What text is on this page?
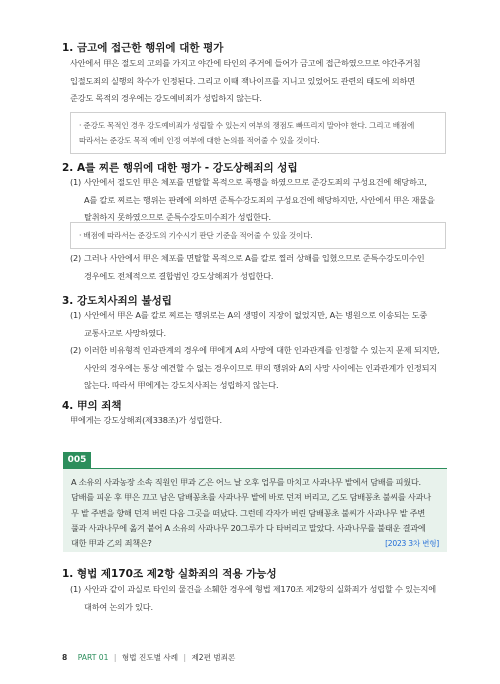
1. 금고에 접근한 행위에 대한 평가
사안에서 甲은 절도의 고의를 가지고 야간에 타인의 주거에 들어가 금고에 접근하였으므로 야간주거침
입절도죄의 실행의 착수가 인정된다. 그리고 이때 잭나이프를 지니고 있었어도 관련의 태도에 의하면
준강도 목적의 경우에는 강도예비죄가 성립하지 않는다.
· 준강도 목적인 경우 강도예비죄가 성립할 수 있는지 여부의 쟁점도 빠뜨리지 말아야 한다. 그리고 배점에
따라서는 준강도 목적 예비 인정 여부에 대한 논의를 적어줄 수 있을 것이다.
2. A를 찌른 행위에 대한 평가 - 강도상해죄의 성립
(1) 사안에서 절도인 甲은 체포를 면탈할 목적으로 폭행을 하였으므로 준강도죄의 구성요건에 해당하고,
A를 칼로 찌르는 행위는 판례에 의하면 준특수강도죄의 구성요건에 해당하지만, 사안에서 甲은 재물을
탈취하지 못하였으므로 준특수강도미수죄가 성립한다.
· 배점에 따라서는 준강도의 기수시기 판단 기준을 적어줄 수 있을 것이다.
(2) 그러나 사안에서 甲은 체포를 면탈할 목적으로 A를 칼로 찔러 상해를 입혔으므로 준특수강도미수인
경우에도 전체적으로 결합범인 강도상해죄가 성립한다.
3. 강도치사죄의 불성립
(1) 사안에서 甲은 A를 칼로 찌르는 행위로는 A의 생명이 지장이 없었지만, A는 병원으로 이송되는 도중
교통사고로 사망하였다.
(2) 이러한 비유형적 인과관계의 경우에 甲에게 A의 사망에 대한 인과관계를 인정할 수 있는지 문제 되지만,
사안의 경우에는 통상 예견할 수 없는 경우이므로 甲의 행위와 A의 사망 사이에는 인과관계가 인정되지
않는다. 따라서 甲에게는 강도치사죄는 성립하지 않는다.
4. 甲의 죄책
甲에게는 강도상해죄(제338조)가 성립한다.
005
A 소유의 사과농장 소속 직원인 甲과 乙은 어느 날 오후 업무를 마치고 사과나무 밭에서 담배를 피웠다.
담배를 피운 후 甲은 끄고 남은 담배꽁초를 사과나무 밭에 바로 던져 버리고, 乙도 담배꽁초 불씨를 사과나
무 밭 주변을 향해 던져 버린 다음 그곳을 떠났다. 그런데 각자가 버린 담배꽁초 불씨가 사과나무 밭 주변
풀과 사과나무에 옮겨 붙어 A 소유의 사과나무 20그루가 다 타버리고 말았다. 사과나무를 불태운 결과에
대한 甲과 乙의 죄책은?	[2023 3차 변형]
1. 형법 제170조 제2항 실화죄의 적용 가능성
(1) 사안과 같이 과실로 타인의 물건을 소훼한 경우에 형법 제170조 제2항의 실화죄가 성립할 수 있는지에
대하여 논의가 있다.
8 PART 01 | 형법 진도별 사례 | 제2편 범죄론
